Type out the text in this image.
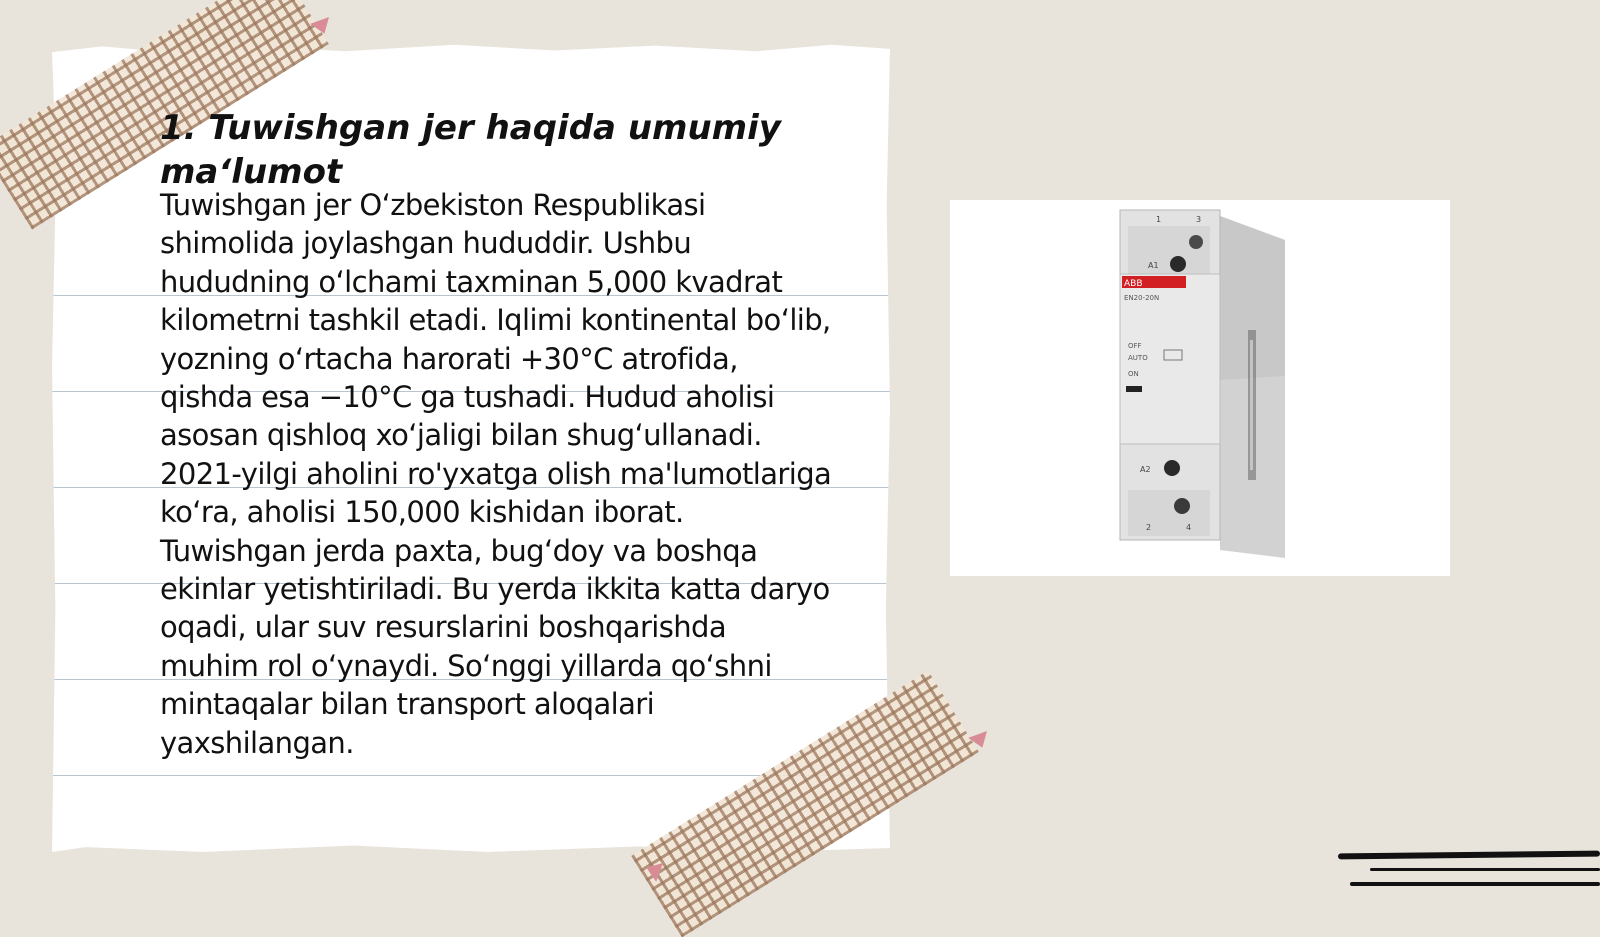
1. Tuwishgan jer haqida umumiy ma‘lumot

Tuwishgan jer O‘zbekiston Respublikasi shimolida joylashgan hududdir. Ushbu hududning o‘lchami taxminan 5,000 kvadrat kilometrni tashkil etadi. Iqlimi kontinental bo‘lib, yozning o‘rtacha harorati +30°C atrofida, qishda esa −10°C ga tushadi. Hudud aholisi asosan qishloq xo‘jaligi bilan shug‘ullanadi. 2021-yilgi aholini ro'yxatga olish ma'lumotlariga ko‘ra, aholisi 150,000 kishidan iborat. Tuwishgan jerda paxta, bug‘doy va boshqa ekinlar yetishtiriladi. Bu yerda ikkita katta daryo oqadi, ular suv resurslarini boshqarishda muhim rol o‘ynaydi. So‘nggi yillarda qo‘shni mintaqalar bilan transport aloqalari yaxshilangan.

ABB
EN20-20N
1	3
A1
OFF
AUTO
ON
A2
2	4
